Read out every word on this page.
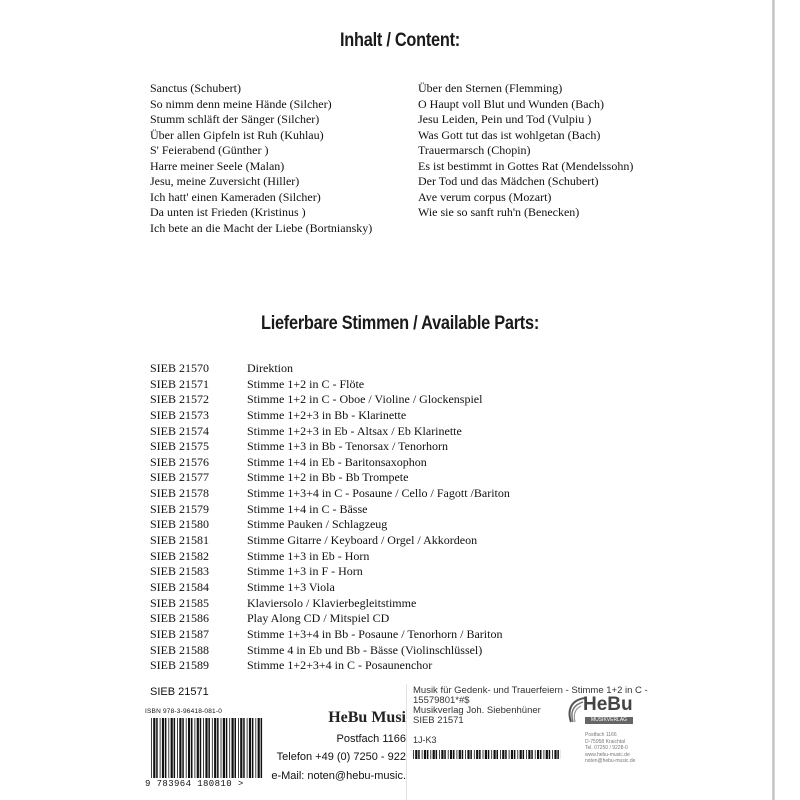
Inhalt / Content:
Sanctus (Schubert)
So nimm denn meine Hände (Silcher)
Stumm schläft der Sänger (Silcher)
Über allen Gipfeln ist Ruh (Kuhlau)
S' Feierabend (Günther )
Harre meiner Seele (Malan)
Jesu, meine Zuversicht (Hiller)
Ich hatt' einen Kameraden (Silcher)
Da unten ist Frieden (Kristinus )
Ich bete an die Macht der Liebe (Bortniansky)
Über den Sternen (Flemming)
O Haupt voll Blut und Wunden (Bach)
Jesu Leiden, Pein und Tod (Vulpiu )
Was Gott tut das ist wohlgetan (Bach)
Trauermarsch (Chopin)
Es ist bestimmt in Gottes Rat (Mendelssohn)
Der Tod und das Mädchen (Schubert)
Ave verum corpus (Mozart)
Wie sie so sanft ruh'n (Benecken)
Lieferbare Stimmen / Available Parts:
SIEB 21570	Direktion
SIEB 21571	Stimme 1+2 in C - Flöte
SIEB 21572	Stimme 1+2 in C - Oboe / Violine / Glockenspiel
SIEB 21573	Stimme 1+2+3 in Bb - Klarinette
SIEB 21574	Stimme 1+2+3 in Eb - Altsax / Eb Klarinette
SIEB 21575	Stimme 1+3 in Bb - Tenorsax / Tenorhorn
SIEB 21576	Stimme 1+4 in Eb - Baritonsaxophon
SIEB 21577	Stimme 1+2 in Bb - Bb Trompete
SIEB 21578	Stimme 1+3+4 in C - Posaune / Cello / Fagott /Bariton
SIEB 21579	Stimme 1+4 in C - Bässe
SIEB 21580	Stimme Pauken / Schlagzeug
SIEB 21581	Stimme Gitarre / Keyboard / Orgel / Akkordeon
SIEB 21582	Stimme 1+3 in Eb - Horn
SIEB 21583	Stimme 1+3 in F - Horn
SIEB 21584	Stimme 1+3 Viola
SIEB 21585	Klaviersolo / Klavierbegleitstimme
SIEB 21586	Play Along CD / Mitspiel CD
SIEB 21587	Stimme 1+3+4 in Bb - Posaune / Tenorhorn / Bariton
SIEB 21588	Stimme 4 in Eb und Bb - Bässe (Violinschlüssel)
SIEB 21589	Stimme 1+2+3+4 in C - Posaunenchor
SIEB 21571
ISBN 978-3-96418-081-0
9 783964 180810 >
HeBu Musi
Postfach 1166
Telefon +49 (0) 7250 - 922
e-Mail: noten@hebu-music.
Musik für Gedenk- und Trauerfeiern - Stimme 1+2 in C -
15579801*#$
Musikverlag Joh. Siebenhüner
SIEB 21571
1J-K3
HeBu
MUSIKVERLAG GmbH
Postfach 1166
D-75958 Kraichtal
Tel. 07250 / 9228-0
www.hebu-music.de
noten@hebu-music.de
